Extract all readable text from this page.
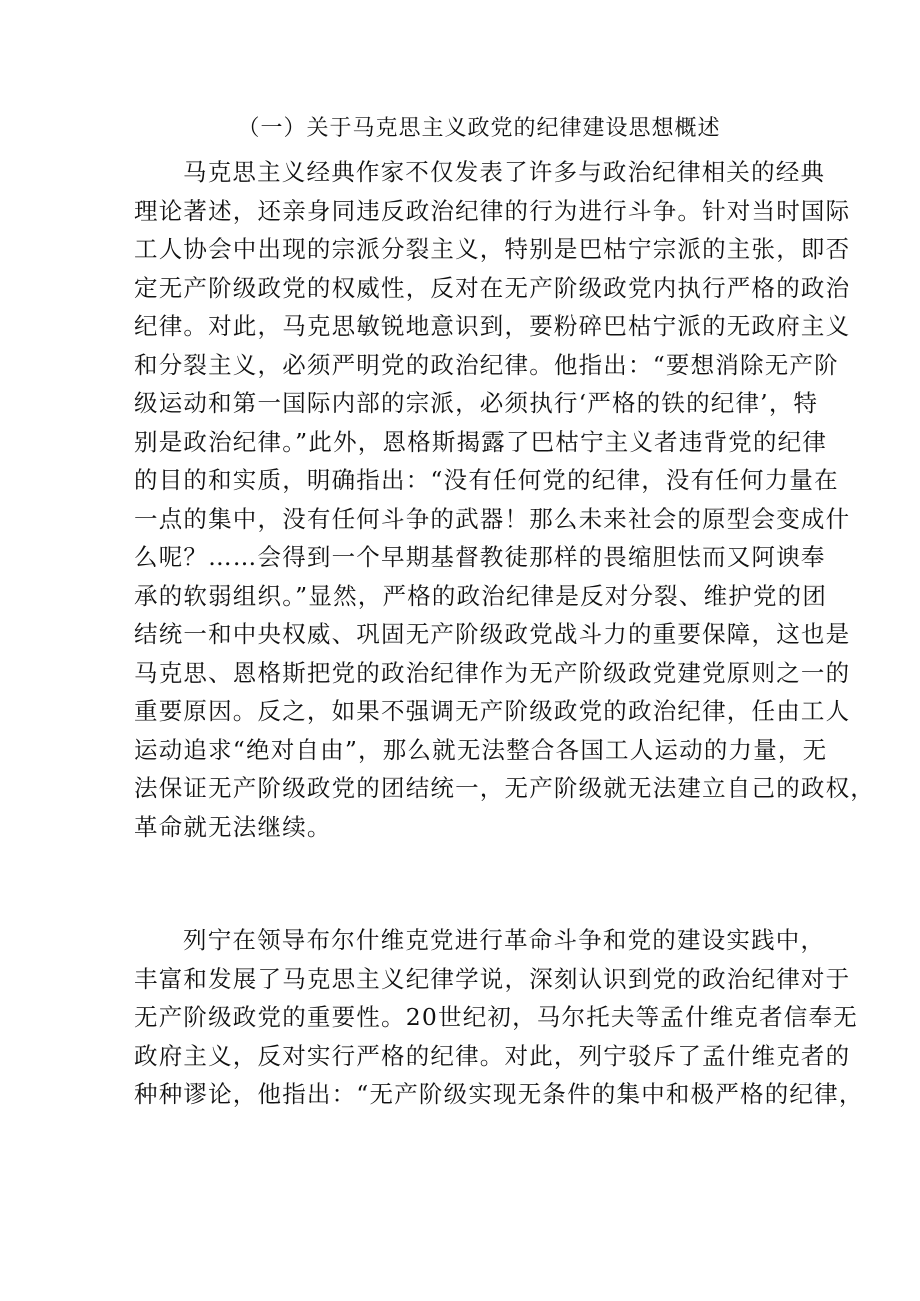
（一）关于马克思主义政党的纪律建设思想概述
马克思主义经典作家不仅发表了许多与政治纪律相关的经典
理论著述，还亲身同违反政治纪律的行为进行斗争。针对当时国际
工人协会中出现的宗派分裂主义，特别是巴枯宁宗派的主张，即否
定无产阶级政党的权威性，反对在无产阶级政党内执行严格的政治
纪律。对此，马克思敏锐地意识到，要粉碎巴枯宁派的无政府主义
和分裂主义，必须严明党的政治纪律。他指出：“要想消除无产阶
级运动和第一国际内部的宗派，必须执行‘严格的铁的纪律’，特
别是政治纪律。”此外，恩格斯揭露了巴枯宁主义者违背党的纪律
的目的和实质，明确指出：“没有任何党的纪律，没有任何力量在
一点的集中，没有任何斗争的武器！那么未来社会的原型会变成什
么呢？……会得到一个早期基督教徒那样的畏缩胆怯而又阿谀奉
承的软弱组织。”显然，严格的政治纪律是反对分裂、维护党的团
结统一和中央权威、巩固无产阶级政党战斗力的重要保障，这也是
马克思、恩格斯把党的政治纪律作为无产阶级政党建党原则之一的
重要原因。反之，如果不强调无产阶级政党的政治纪律，任由工人
运动追求“绝对自由”，那么就无法整合各国工人运动的力量，无
法保证无产阶级政党的团结统一，无产阶级就无法建立自己的政权，
革命就无法继续。
列宁在领导布尔什维克党进行革命斗争和党的建设实践中，
丰富和发展了马克思主义纪律学说，深刻认识到党的政治纪律对于
无产阶级政党的重要性。20世纪初，马尔托夫等孟什维克者信奉无
政府主义，反对实行严格的纪律。对此，列宁驳斥了孟什维克者的
种种谬论，他指出：“无产阶级实现无条件的集中和极严格的纪律，
